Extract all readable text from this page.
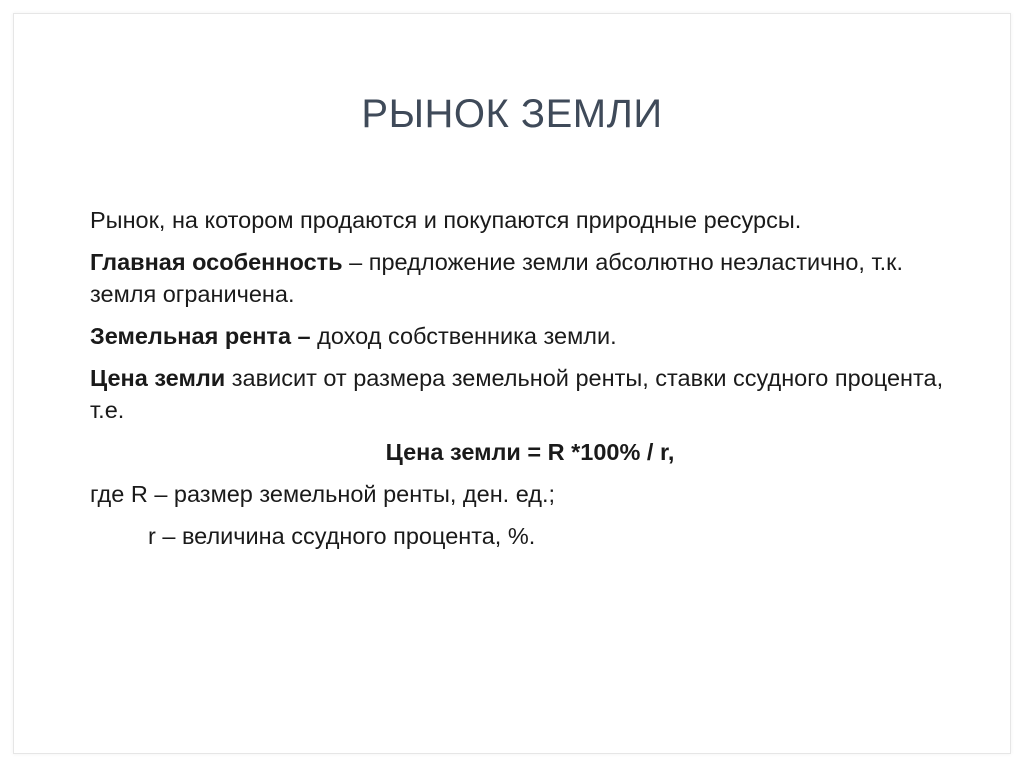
РЫНОК ЗЕМЛИ

Рынок, на котором продаются и покупаются природные ресурсы.

Главная особенность – предложение земли абсолютно неэластично, т.к. земля ограничена.

Земельная рента – доход собственника земли.

Цена земли зависит от размера земельной ренты, ставки ссудного процента, т.е.

Цена земли = R *100% / r,

где R – размер земельной ренты, ден. ед.;

r – величина ссудного процента, %.
